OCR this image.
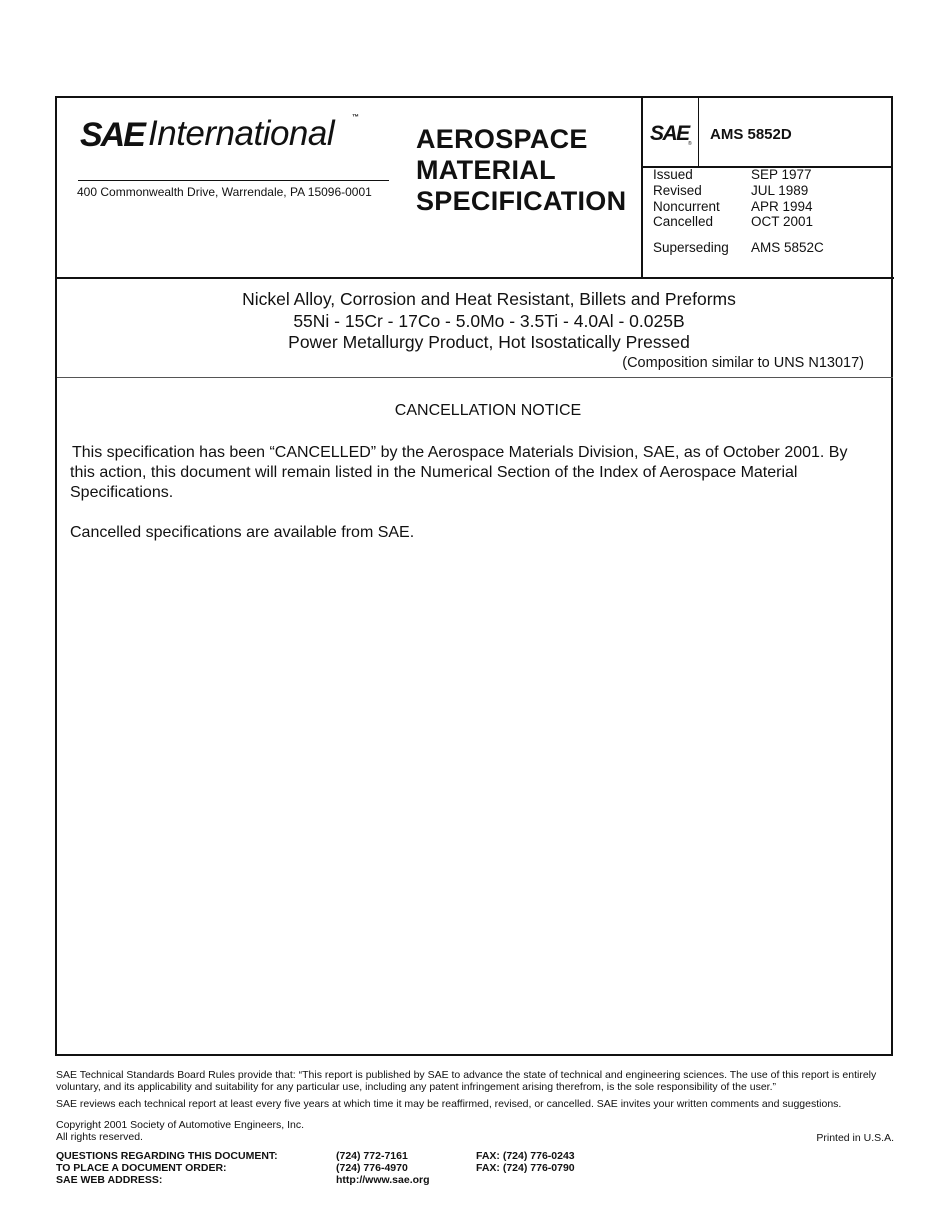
SAE International	™
400 Commonwealth Drive, Warrendale, PA 15096-0001
AEROSPACE
MATERIAL
SPECIFICATION
SAE ®
AMS 5852D
Issued	SEP 1977
Revised	JUL 1989
Noncurrent	APR 1994
Cancelled	OCT 2001
Superseding	AMS 5852C
Nickel Alloy, Corrosion and Heat Resistant, Billets and Preforms
55Ni - 15Cr - 17Co - 5.0Mo - 3.5Ti - 4.0Al - 0.025B
Power Metallurgy Product, Hot Isostatically Pressed
(Composition similar to UNS N13017)
CANCELLATION NOTICE

This specification has been “CANCELLED” by the Aerospace Materials Division, SAE, as of October 2001. By this action, this document will remain listed in the Numerical Section of the Index of Aerospace Material Specifications.

Cancelled specifications are available from SAE.

SAE Technical Standards Board Rules provide that: “This report is published by SAE to advance the state of technical and engineering sciences. The use of this report is entirely voluntary, and its applicability and suitability for any particular use, including any patent infringement arising therefrom, is the sole responsibility of the user.”

SAE reviews each technical report at least every five years at which time it may be reaffirmed, revised, or cancelled. SAE invites your written comments and suggestions.

Copyright 2001 Society of Automotive Engineers, Inc.
All rights reserved.	Printed in U.S.A.
QUESTIONS REGARDING THIS DOCUMENT:	(724) 772-7161	FAX: (724) 776-0243
TO PLACE A DOCUMENT ORDER:	(724) 776-4970	FAX: (724) 776-0790
SAE WEB ADDRESS:	http://www.sae.org
